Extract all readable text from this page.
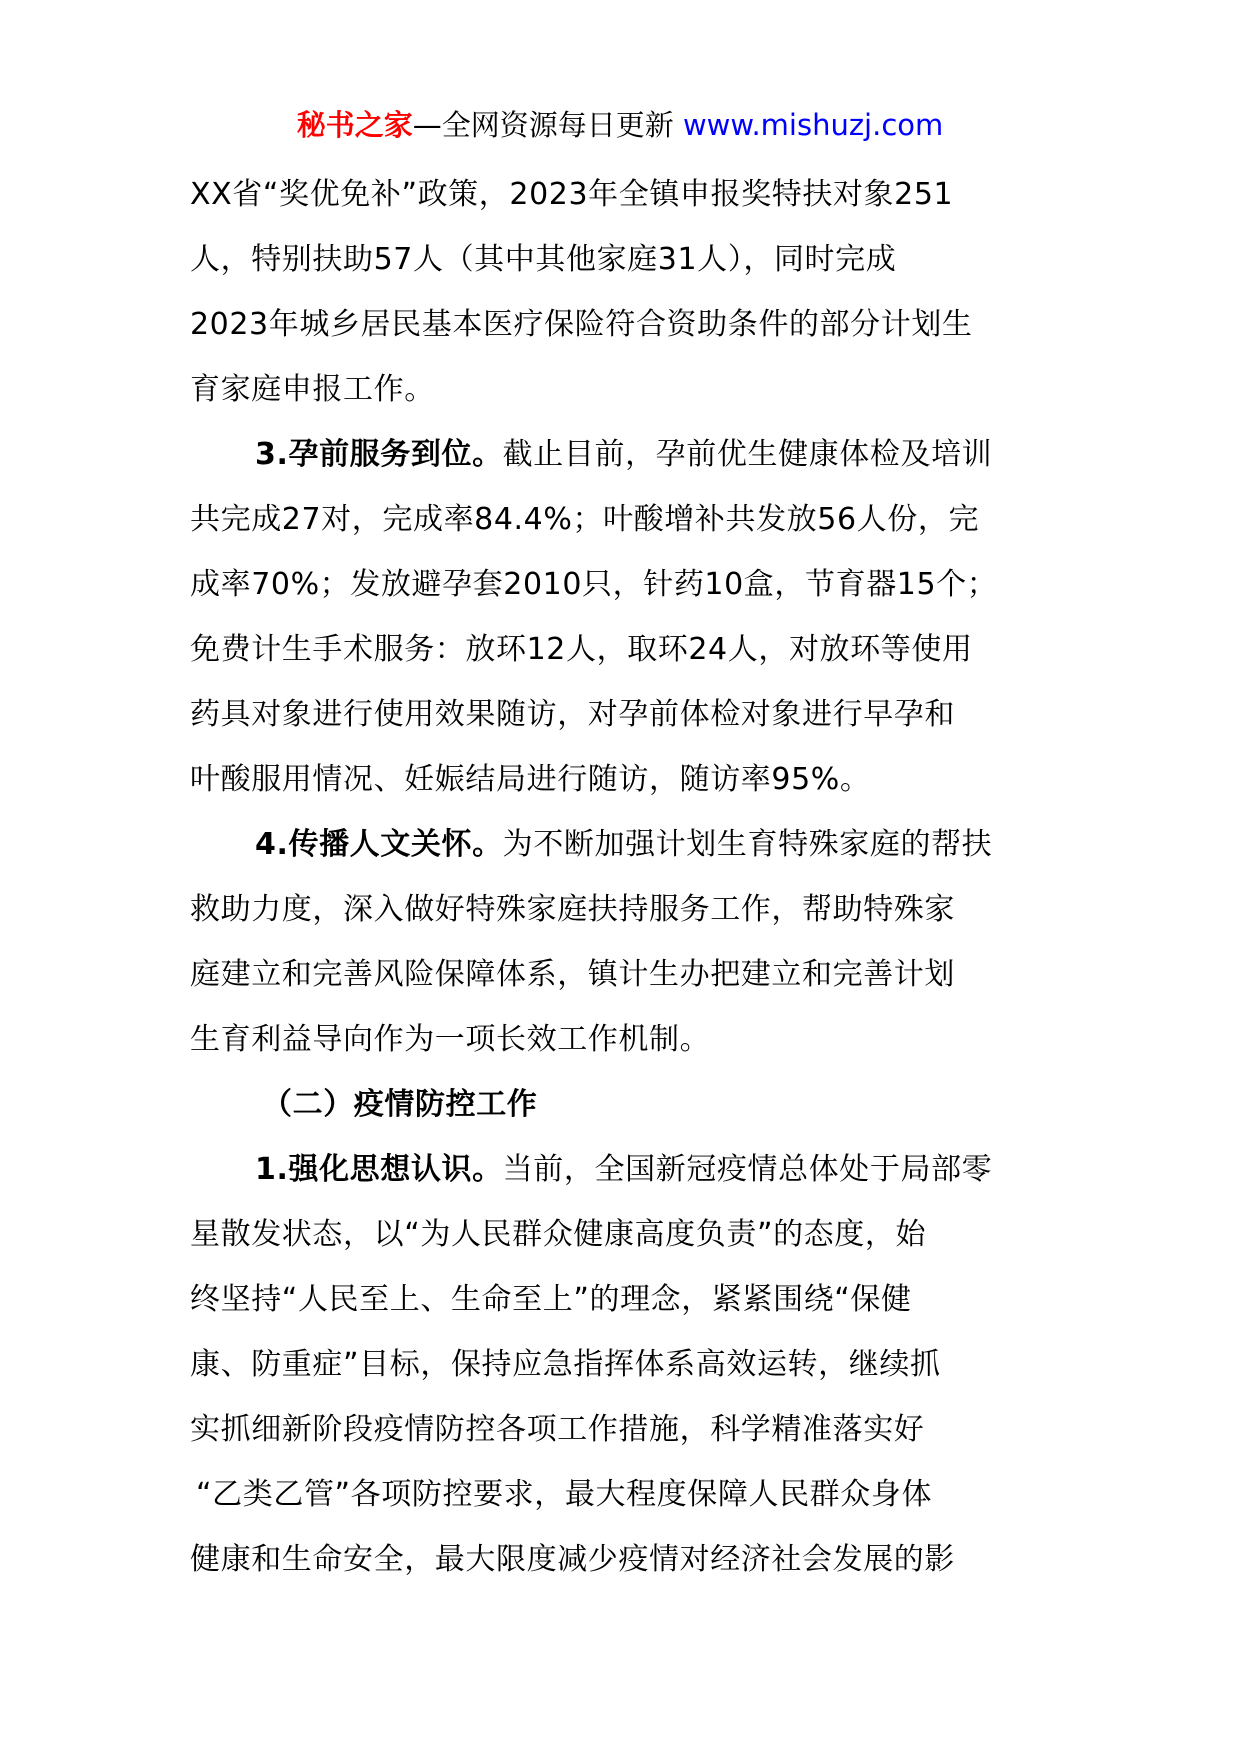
秘书之家—全网资源每日更新 www.mishuzj.com
XX省“奖优免补”政策，2023年全镇申报奖特扶对象251
人，特别扶助57人（其中其他家庭31人），同时完成
2023年城乡居民基本医疗保险符合资助条件的部分计划生
育家庭申报工作。
3.孕前服务到位。截止目前，孕前优生健康体检及培训
共完成27对，完成率84.4%；叶酸增补共发放56人份，完
成率70%；发放避孕套2010只，针药10盒，节育器15个；
免费计生手术服务：放环12人，取环24人，对放环等使用
药具对象进行使用效果随访，对孕前体检对象进行早孕和
叶酸服用情况、妊娠结局进行随访，随访率95%。
4.传播人文关怀。为不断加强计划生育特殊家庭的帮扶
救助力度，深入做好特殊家庭扶持服务工作，帮助特殊家
庭建立和完善风险保障体系，镇计生办把建立和完善计划
生育利益导向作为一项长效工作机制。
（二）疫情防控工作
1.强化思想认识。当前，全国新冠疫情总体处于局部零
星散发状态，以“为人民群众健康高度负责”的态度，始
终坚持“人民至上、生命至上”的理念，紧紧围绕“保健
康、防重症”目标，保持应急指挥体系高效运转，继续抓
实抓细新阶段疫情防控各项工作措施，科学精准落实好
“乙类乙管”各项防控要求，最大程度保障人民群众身体
健康和生命安全，最大限度减少疫情对经济社会发展的影
